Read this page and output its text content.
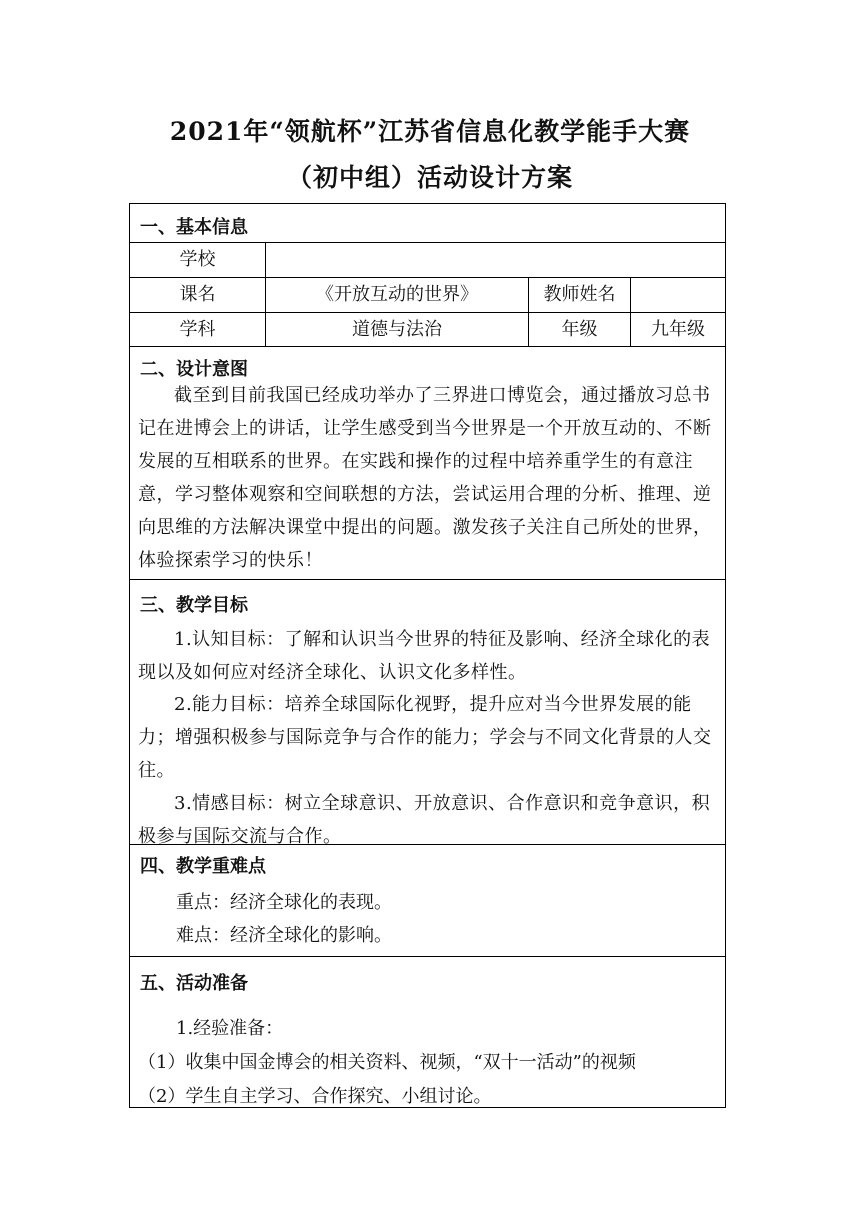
2021年“领航杯”江苏省信息化教学能手大赛
（初中组）活动设计方案
一、基本信息
学校
课名	《开放互动的世界》	教师姓名
学科	道德与法治	年级	九年级
二、设计意图
截至到目前我国已经成功举办了三界进口博览会，通过播放习总书记在进博会上的讲话，让学生感受到当今世界是一个开放互动的、不断发展的互相联系的世界。在实践和操作的过程中培养重学生的有意注意，学习整体观察和空间联想的方法，尝试运用合理的分析、推理、逆向思维的方法解决课堂中提出的问题。激发孩子关注自己所处的世界，体验探索学习的快乐！
三、教学目标
1.认知目标：了解和认识当今世界的特征及影响、经济全球化的表现以及如何应对经济全球化、认识文化多样性。
2.能力目标：培养全球国际化视野，提升应对当今世界发展的能力；增强积极参与国际竞争与合作的能力；学会与不同文化背景的人交往。
3.情感目标：树立全球意识、开放意识、合作意识和竞争意识，积极参与国际交流与合作。
四、教学重难点
重点：经济全球化的表现。
难点：经济全球化的影响。
五、活动准备
1.经验准备：
（1）收集中国金博会的相关资料、视频，“双十一活动”的视频
（2）学生自主学习、合作探究、小组讨论。
